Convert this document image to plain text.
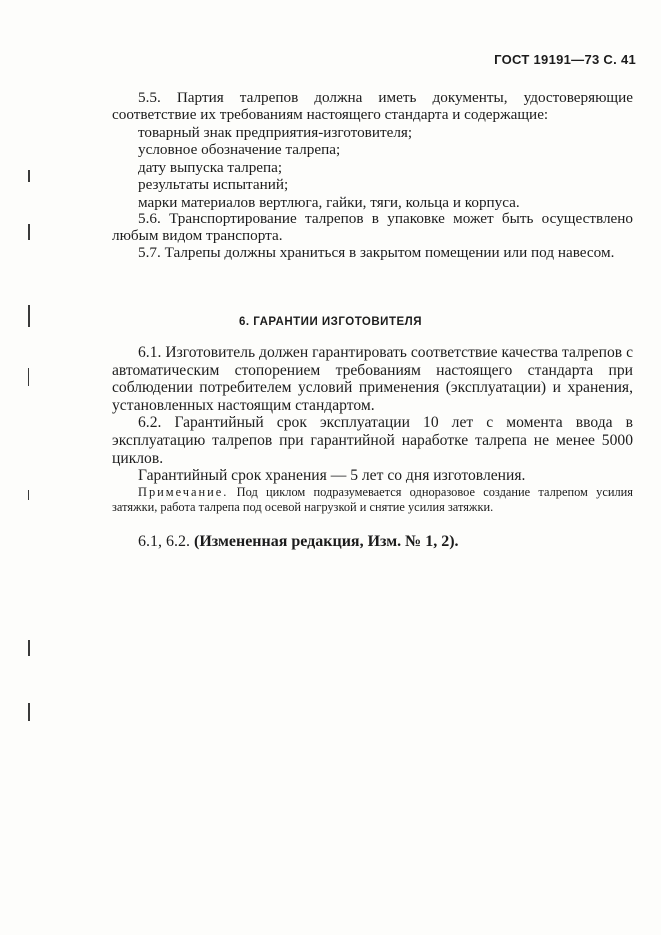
ГОСТ 19191—73 С. 41

5.5. Партия талрепов должна иметь документы, удостоверяющие соответствие их требованиям настоящего стандарта и содержащие:

товарный знак предприятия-изготовителя;

условное обозначение талрепа;

дату выпуска талрепа;

результаты испытаний;

марки материалов вертлюга, гайки, тяги, кольца и корпуса.

5.6. Транспортирование талрепов в упаковке может быть осуществлено любым видом транспорта.

5.7. Талрепы должны храниться в закрытом помещении или под навесом.

6. ГАРАНТИИ ИЗГОТОВИТЕЛЯ

6.1. Изготовитель должен гарантировать соответствие качества талрепов с автоматическим стопорением требованиям настоящего стандарта при соблюдении потребителем условий применения (эксплуатации) и хранения, установленных настоящим стандартом.

6.2. Гарантийный срок эксплуатации 10 лет с момента ввода в эксплуатацию талрепов при гарантийной наработке талрепа не менее 5000 циклов.

Гарантийный срок хранения — 5 лет со дня изготовления.

Примечание. Под циклом подразумевается одноразовое создание талрепом усилия затяжки, работа талрепа под осевой нагрузкой и снятие усилия затяжки.

6.1, 6.2. (Измененная редакция, Изм. № 1, 2).
